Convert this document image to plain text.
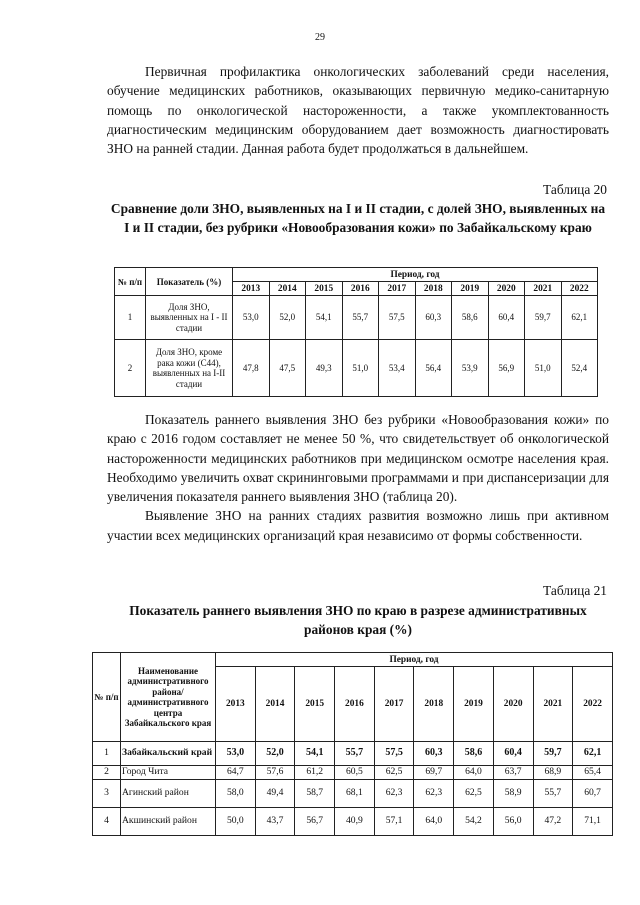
29

Первичная профилактика онкологических заболеваний среди населения, обучение медицинских работников, оказывающих первичную медико-санитарную помощь по онкологической настороженности, а также укомплектованность диагностическим медицинским оборудованием дает возможность диагностировать ЗНО на ранней стадии. Данная работа будет продолжаться в дальнейшем.

Таблица 20
Сравнение доли ЗНО, выявленных на I и II стадии, с долей ЗНО, выявленных на I и II стадии, без рубрики «Новообразования кожи» по Забайкальскому краю
№ п/п	Показатель (%)	Период, год									
		2013	2014	2015	2016	2017	2018	2019	2020	2021	2022
1	Доля ЗНО, выявленных на I - II стадии	53,0	52,0	54,1	55,7	57,5	60,3	58,6	60,4	59,7	62,1
2	Доля ЗНО, кроме рака кожи (С44), выявленных на I-II стадии	47,8	47,5	49,3	51,0	53,4	56,4	53,9	56,9	51,0	52,4

Показатель раннего выявления ЗНО без рубрики «Новообразования кожи» по краю с 2016 годом составляет не менее 50 %, что свидетельствует об онкологической настороженности медицинских работников при медицинском осмотре населения края. Необходимо увеличить охват скрининговыми программами и при диспансеризации для увеличения показателя раннего выявления ЗНО (таблица 20).

Выявление ЗНО на ранних стадиях развития возможно лишь при активном участии всех медицинских организаций края независимо от формы собственности.

Таблица 21
Показатель раннего выявления ЗНО по краю в разрезе административных районов края (%)
№ п/п	Наименование административного района/ административного центра Забайкальского края	Период, год									
		2013	2014	2015	2016	2017	2018	2019	2020	2021	2022
1	Забайкальский край	53,0	52,0	54,1	55,7	57,5	60,3	58,6	60,4	59,7	62,1
2	Город Чита	64,7	57,6	61,2	60,5	62,5	69,7	64,0	63,7	68,9	65,4
3	Агинский район	58,0	49,4	58,7	68,1	62,3	62,3	62,5	58,9	55,7	60,7
4	Акшинский район	50,0	43,7	56,7	40,9	57,1	64,0	54,2	56,0	47,2	71,1
